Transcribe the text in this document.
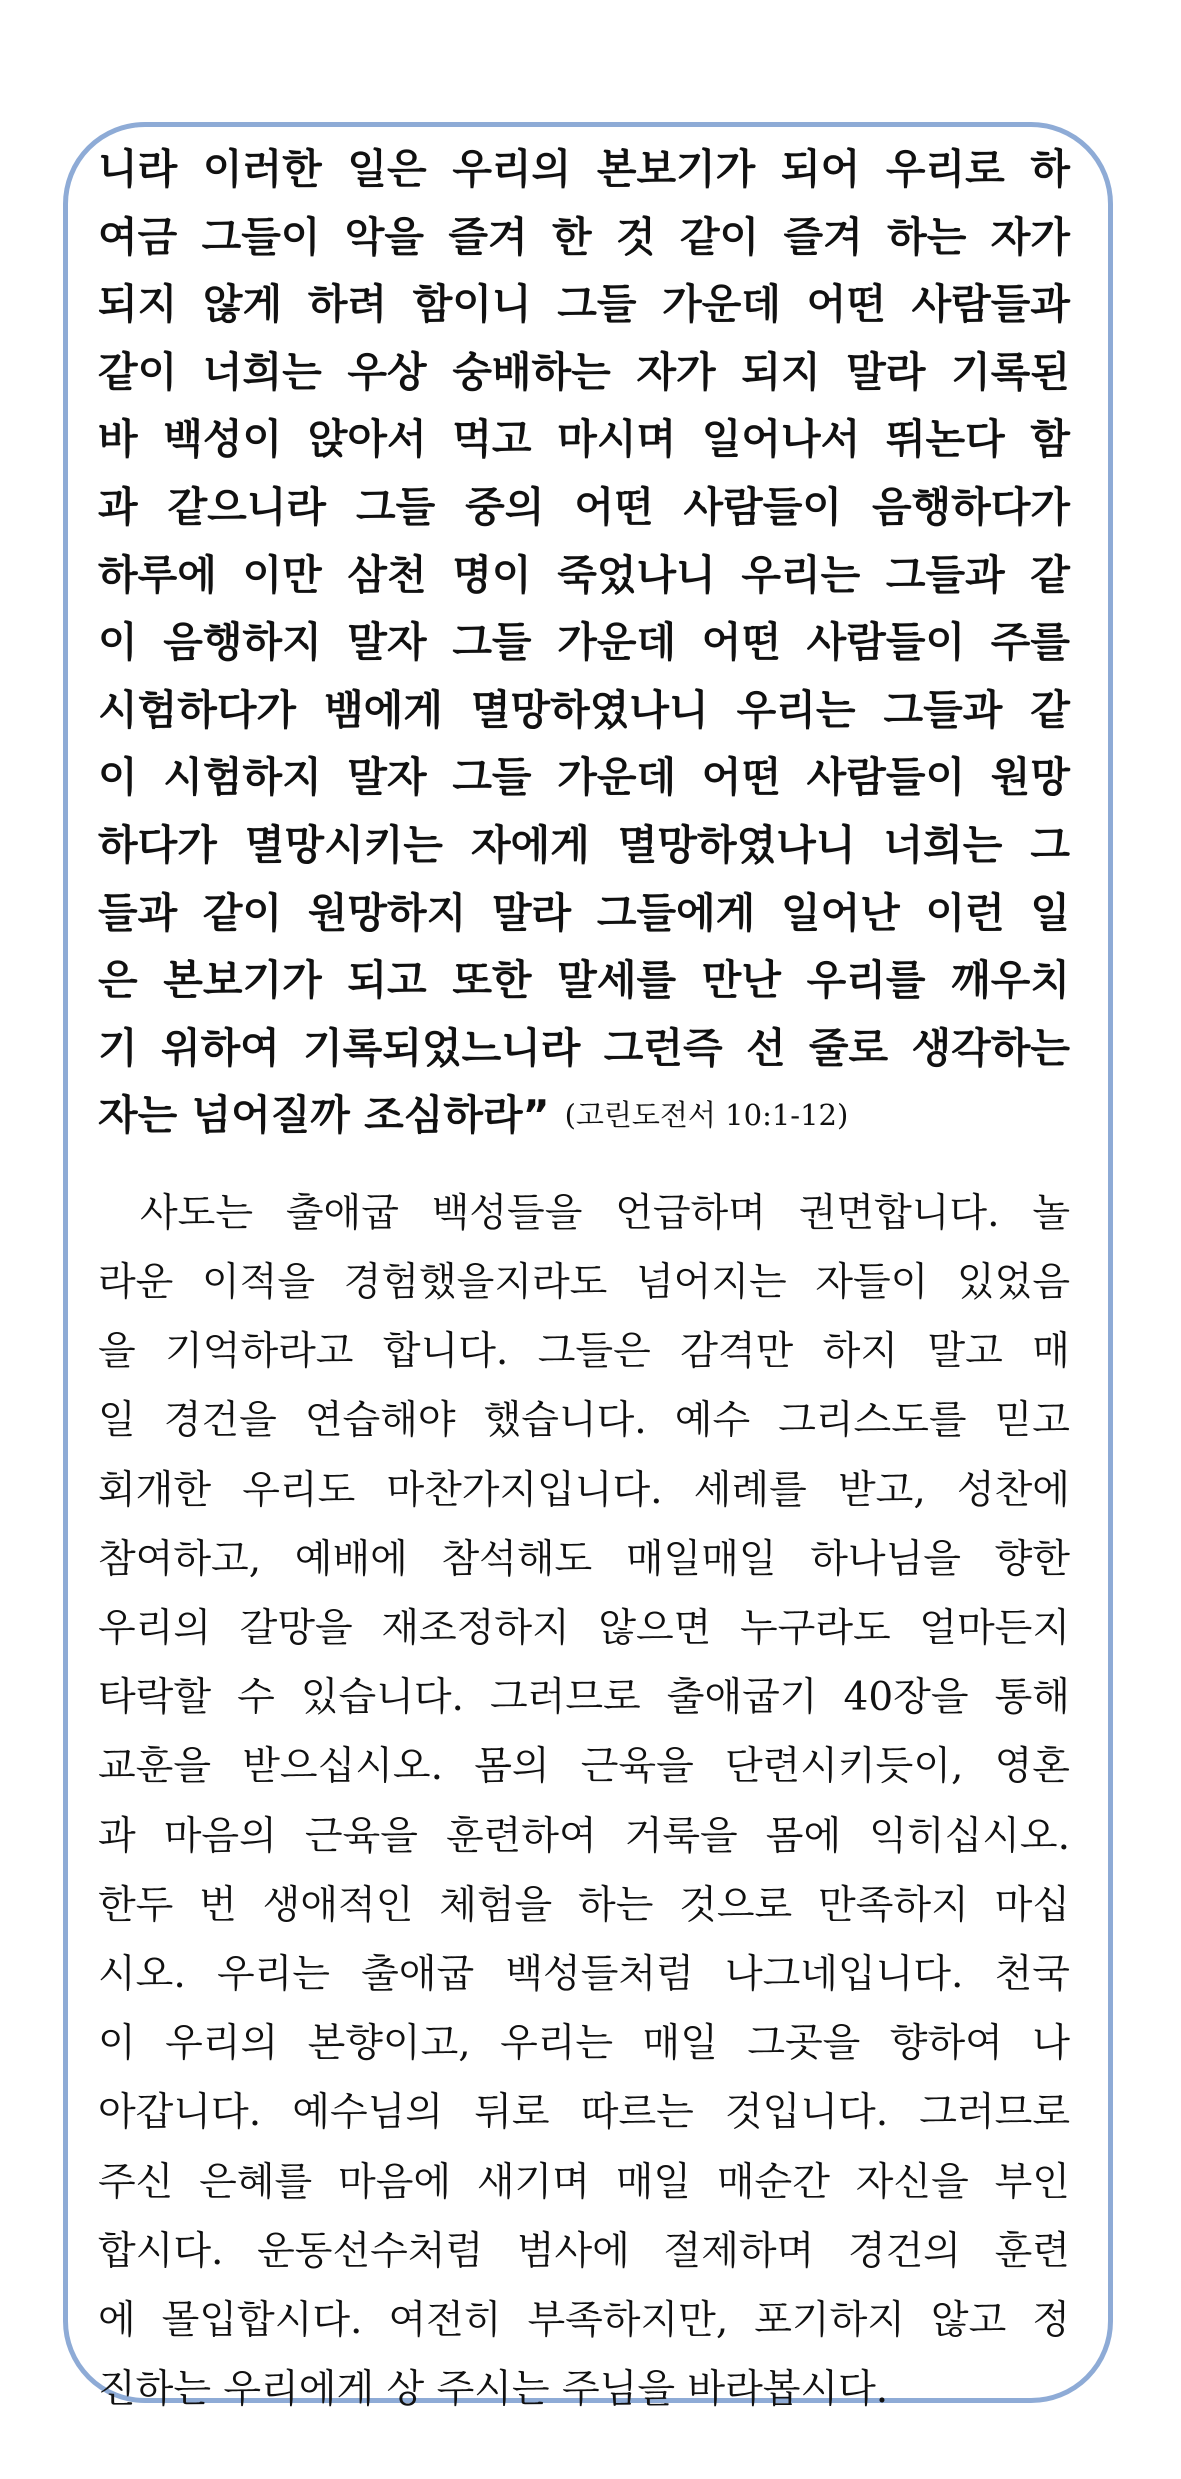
니라 이러한 일은 우리의 본보기가 되어 우리로 하
여금 그들이 악을 즐겨 한 것 같이 즐겨 하는 자가
되지 않게 하려 함이니 그들 가운데 어떤 사람들과
같이 너희는 우상 숭배하는 자가 되지 말라 기록된
바 백성이 앉아서 먹고 마시며 일어나서 뛰논다 함
과 같으니라 그들 중의 어떤 사람들이 음행하다가
하루에 이만 삼천 명이 죽었나니 우리는 그들과 같
이 음행하지 말자 그들 가운데 어떤 사람들이 주를
시험하다가 뱀에게 멸망하였나니 우리는 그들과 같
이 시험하지 말자 그들 가운데 어떤 사람들이 원망
하다가 멸망시키는 자에게 멸망하였나니 너희는 그
들과 같이 원망하지 말라 그들에게 일어난 이런 일
은 본보기가 되고 또한 말세를 만난 우리를 깨우치
기 위하여 기록되었느니라 그런즉 선 줄로 생각하는
자는 넘어질까 조심하라” (고린도전서 10:1-12)
사도는 출애굽 백성들을 언급하며 권면합니다. 놀
라운 이적을 경험했을지라도 넘어지는 자들이 있었음
을 기억하라고 합니다. 그들은 감격만 하지 말고 매
일 경건을 연습해야 했습니다. 예수 그리스도를 믿고
회개한 우리도 마찬가지입니다. 세례를 받고, 성찬에
참여하고, 예배에 참석해도 매일매일 하나님을 향한
우리의 갈망을 재조정하지 않으면 누구라도 얼마든지
타락할 수 있습니다. 그러므로 출애굽기 40장을 통해
교훈을 받으십시오. 몸의 근육을 단련시키듯이, 영혼
과 마음의 근육을 훈련하여 거룩을 몸에 익히십시오.
한두 번 생애적인 체험을 하는 것으로 만족하지 마십
시오. 우리는 출애굽 백성들처럼 나그네입니다. 천국
이 우리의 본향이고, 우리는 매일 그곳을 향하여 나
아갑니다. 예수님의 뒤로 따르는 것입니다. 그러므로
주신 은혜를 마음에 새기며 매일 매순간 자신을 부인
합시다. 운동선수처럼 범사에 절제하며 경건의 훈련
에 몰입합시다. 여전히 부족하지만, 포기하지 않고 정
진하는 우리에게 상 주시는 주님을 바라봅시다.
